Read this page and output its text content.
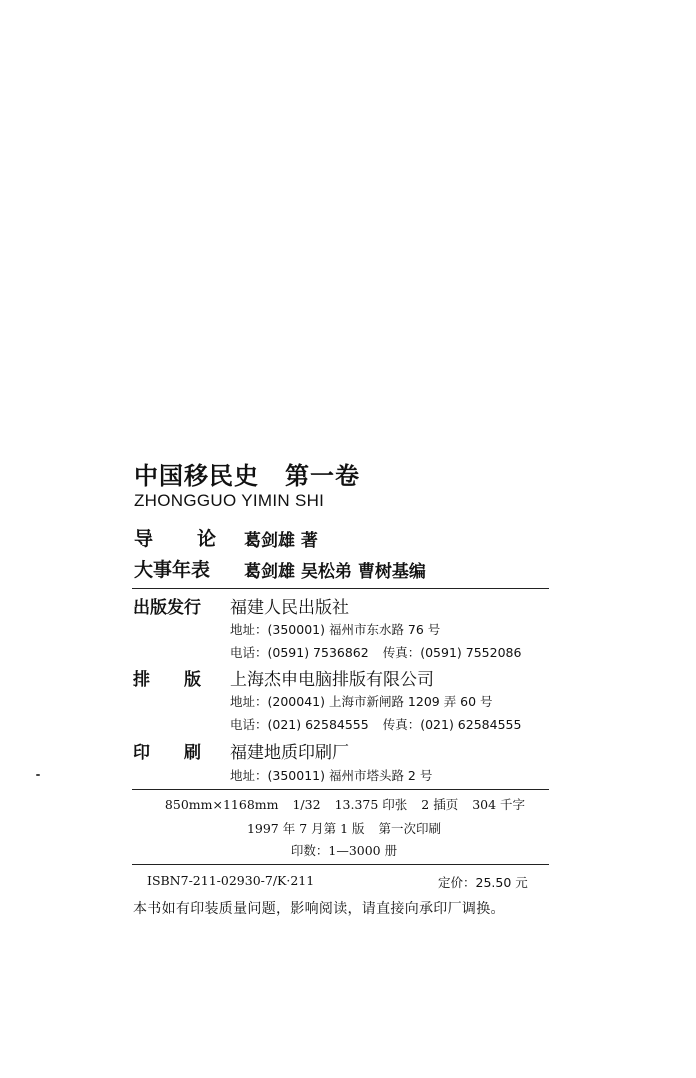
中国移民史 第一卷
ZHONGGUO YIMIN SHI
导 论 葛剑雄 著
大事年表 葛剑雄 吴松弟 曹树基编
出版发行 福建人民出版社
地址：(350001) 福州市东水路 76 号
电话：(0591) 7536862 传真：(0591) 7552086
排 版 上海杰申电脑排版有限公司
地址：(200041) 上海市新闸路 1209 弄 60 号
电话：(021) 62584555 传真：(021) 62584555
印 刷 福建地质印刷厂
地址：(350011) 福州市塔头路 2 号
850mm×1168mm 1/32 13.375 印张 2 插页 304 千字
1997 年 7 月第 1 版 第一次印刷
印数：1—3000 册
ISBN7-211-02930-7/K·211	定价：25.50 元
本书如有印装质量问题，影响阅读，请直接向承印厂调换。
